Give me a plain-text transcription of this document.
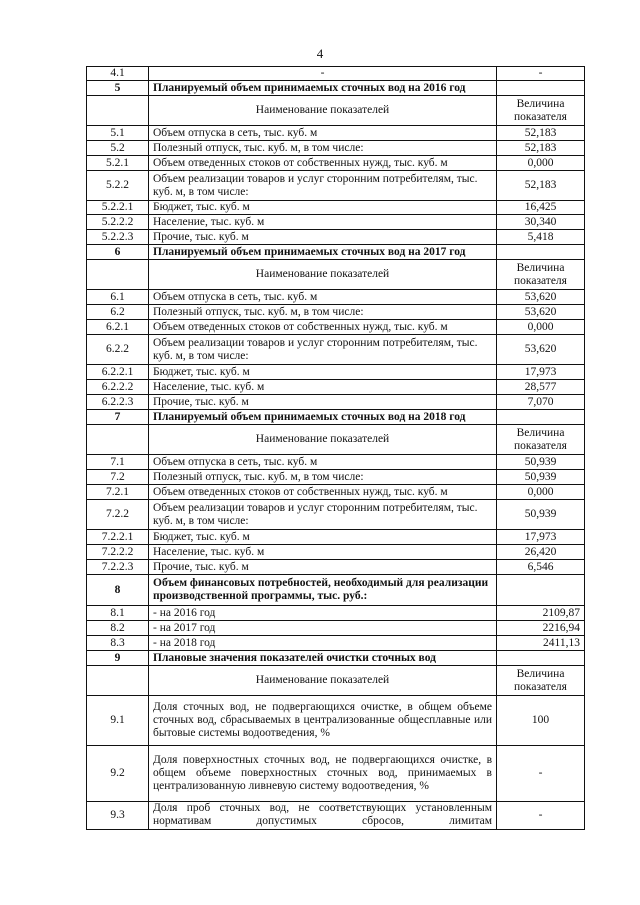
4
4.1	-	-
5	Планируемый объем принимаемых сточных вод на 2016 год	
	Наименование показателей	Величина показателя
5.1	Объем отпуска в сеть, тыс. куб. м	52,183
5.2	Полезный отпуск, тыс. куб. м, в том числе:	52,183
5.2.1	Объем отведенных стоков от собственных нужд, тыс. куб. м	0,000
5.2.2	Объем реализации товаров и услуг сторонним потребителям, тыс. куб. м, в том числе:	52,183
5.2.2.1	Бюджет, тыс. куб. м	16,425
5.2.2.2	Население, тыс. куб. м	30,340
5.2.2.3	Прочие, тыс. куб. м	5,418
6	Планируемый объем принимаемых сточных вод на 2017 год	
	Наименование показателей	Величина показателя
6.1	Объем отпуска в сеть, тыс. куб. м	53,620
6.2	Полезный отпуск, тыс. куб. м, в том числе:	53,620
6.2.1	Объем отведенных стоков от собственных нужд, тыс. куб. м	0,000
6.2.2	Объем реализации товаров и услуг сторонним потребителям, тыс. куб. м, в том числе:	53,620
6.2.2.1	Бюджет, тыс. куб. м	17,973
6.2.2.2	Население, тыс. куб. м	28,577
6.2.2.3	Прочие, тыс. куб. м	7,070
7	Планируемый объем принимаемых сточных вод на 2018 год	
	Наименование показателей	Величина показателя
7.1	Объем отпуска в сеть, тыс. куб. м	50,939
7.2	Полезный отпуск, тыс. куб. м, в том числе:	50,939
7.2.1	Объем отведенных стоков от собственных нужд, тыс. куб. м	0,000
7.2.2	Объем реализации товаров и услуг сторонним потребителям, тыс. куб. м, в том числе:	50,939
7.2.2.1	Бюджет, тыс. куб. м	17,973
7.2.2.2	Население, тыс. куб. м	26,420
7.2.2.3	Прочие, тыс. куб. м	6,546
8	Объем финансовых потребностей, необходимый для реализации производственной программы, тыс. руб.:	
8.1	- на 2016 год	2109,87
8.2	- на 2017 год	2216,94
8.3	- на 2018 год	2411,13
9	Плановые значения показателей очистки сточных вод	
	Наименование показателей	Величина показателя
9.1	Доля сточных вод, не подвергающихся очистке, в общем объеме сточных вод, сбрасываемых в централизованные общесплавные или бытовые системы водоотведения, %	100
9.2	Доля поверхностных сточных вод, не подвергающихся очистке, в общем объеме поверхностных сточных вод, принимаемых в централизованную ливневую систему водоотведения, %	-
9.3	Доля проб сточных вод, не соответствующих установленным нормативам допустимых сбросов, лимитам	-
